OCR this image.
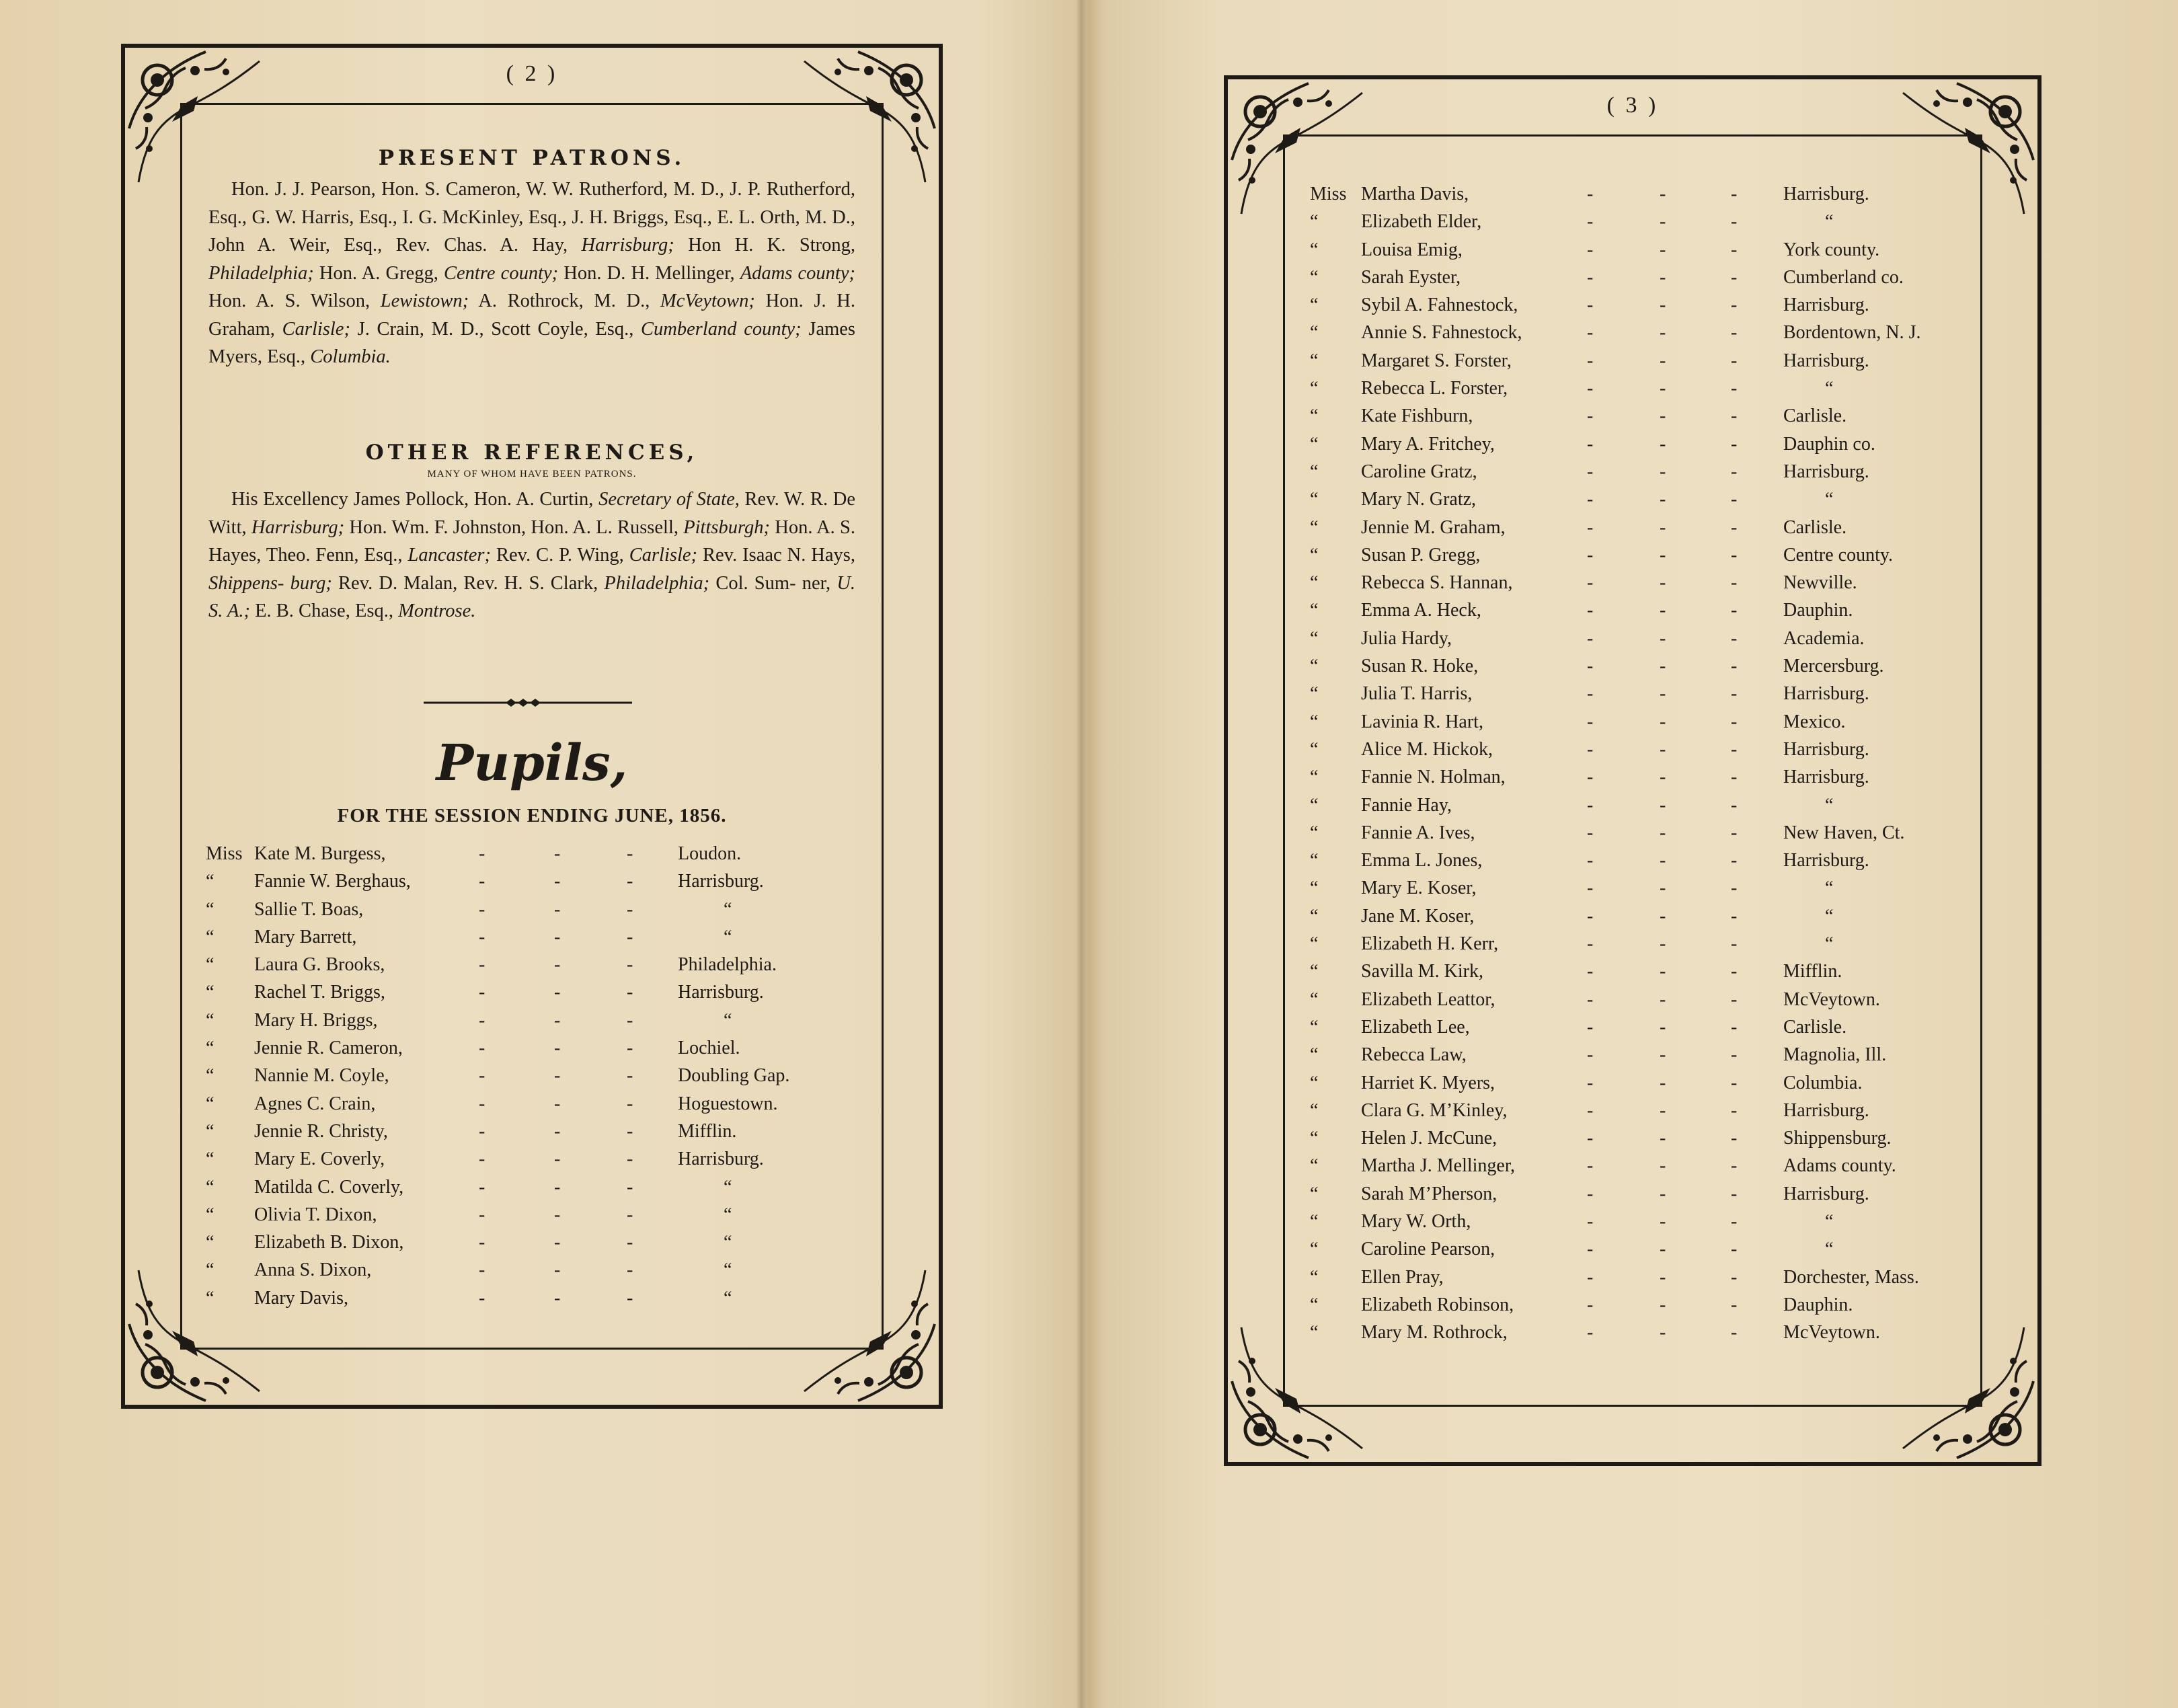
( 2 )
PRESENT PATRONS.
Hon. J. J. Pearson, Hon. S. Cameron, W. W. Rutherford, M. D., J. P. Rutherford, Esq., G. W. Harris, Esq., I. G. McKinley, Esq., J. H. Briggs, Esq., E. L. Orth, M. D., John A. Weir, Esq., Rev. Chas. A. Hay, Harrisburg; Hon H. K. Strong, Philadelphia; Hon. A. Gregg, Centre county; Hon. D. H. Mellinger, Adams county; Hon. A. S. Wilson, Lewistown; A. Rothrock, M. D., McVeytown; Hon. J. H. Graham, Carlisle; J. Crain, M. D., Scott Coyle, Esq., Cumberland county; James Myers, Esq., Columbia.
OTHER REFERENCES,
MANY OF WHOM HAVE BEEN PATRONS.
His Excellency James Pollock, Hon. A. Curtin, Secretary of State, Rev. W. R. De Witt, Harrisburg; Hon. Wm. F. Johnston, Hon. A. L. Russell, Pittsburgh; Hon. A. S. Hayes, Theo. Fenn, Esq., Lancaster; Rev. C. P. Wing, Carlisle; Rev. Isaac N. Hays, Shippens- burg; Rev. D. Malan, Rev. H. S. Clark, Philadelphia; Col. Sum- ner, U. S. A.; E. B. Chase, Esq., Montrose.
Pupils,
FOR THE SESSION ENDING JUNE, 1856.
Miss Kate M. Burgess,	-	-	- Loudon.
“ Fannie W. Berghaus,	-	-	- Harrisburg.
“ Sallie T. Boas,	-	-	-	“
“ Mary Barrett,	-	-	-	“
“ Laura G. Brooks,	-	-	- Philadelphia.
“ Rachel T. Briggs,	-	-	- Harrisburg.
“ Mary H. Briggs,	-	-	-	“
“ Jennie R. Cameron,	-	-	- Lochiel.
“ Nannie M. Coyle,	-	-	- Doubling Gap.
“ Agnes C. Crain,	-	-	- Hoguestown.
“ Jennie R. Christy,	-	-	- Mifflin.
“ Mary E. Coverly,	-	-	- Harrisburg.
“ Matilda C. Coverly,	-	-	-	“
“ Olivia T. Dixon,	-	-	-	“
“ Elizabeth B. Dixon,	-	-	-	“
“ Anna S. Dixon,	-	-	-	“
“ Mary Davis,	-	-	-	“
( 3 )
Miss Martha Davis,	-	-	- Harrisburg.
“ Elizabeth Elder,	-	-	-	“
“ Louisa Emig,	-	-	- York county.
“ Sarah Eyster,	-	-	- Cumberland co.
“ Sybil A. Fahnestock,	-	-	- Harrisburg.
“ Annie S. Fahnestock,	-	-	- Bordentown, N. J.
“ Margaret S. Forster,	-	-	- Harrisburg.
“ Rebecca L. Forster,	-	-	-	“
“ Kate Fishburn,	-	-	- Carlisle.
“ Mary A. Fritchey,	-	-	- Dauphin co.
“ Caroline Gratz,	-	-	- Harrisburg.
“ Mary N. Gratz,	-	-	-	“
“ Jennie M. Graham,	-	-	- Carlisle.
“ Susan P. Gregg,	-	-	- Centre county.
“ Rebecca S. Hannan,	-	-	- Newville.
“ Emma A. Heck,	-	-	- Dauphin.
“ Julia Hardy,	-	-	- Academia.
“ Susan R. Hoke,	-	-	- Mercersburg.
“ Julia T. Harris,	-	-	- Harrisburg.
“ Lavinia R. Hart,	-	-	- Mexico.
“ Alice M. Hickok,	-	-	- Harrisburg.
“ Fannie N. Holman,	-	-	- Harrisburg.
“ Fannie Hay,	-	-	-	“
“ Fannie A. Ives,	-	-	- New Haven, Ct.
“ Emma L. Jones,	-	-	- Harrisburg.
“ Mary E. Koser,	-	-	-	“
“ Jane M. Koser,	-	-	-	“
“ Elizabeth H. Kerr,	-	-	-	“
“ Savilla M. Kirk,	-	-	- Mifflin.
“ Elizabeth Leattor,	-	-	- McVeytown.
“ Elizabeth Lee,	-	-	- Carlisle.
“ Rebecca Law,	-	-	- Magnolia, Ill.
“ Harriet K. Myers,	-	-	- Columbia.
“ Clara G. M’Kinley,	-	-	- Harrisburg.
“ Helen J. McCune,	-	-	- Shippensburg.
“ Martha J. Mellinger,	-	-	- Adams county.
“ Sarah M’Pherson,	-	-	- Harrisburg.
“ Mary W. Orth,	-	-	-	“
“ Caroline Pearson,	-	-	-	“
“ Ellen Pray,	-	-	- Dorchester, Mass.
“ Elizabeth Robinson,	-	-	- Dauphin.
“ Mary M. Rothrock,	-	-	- McVeytown.
